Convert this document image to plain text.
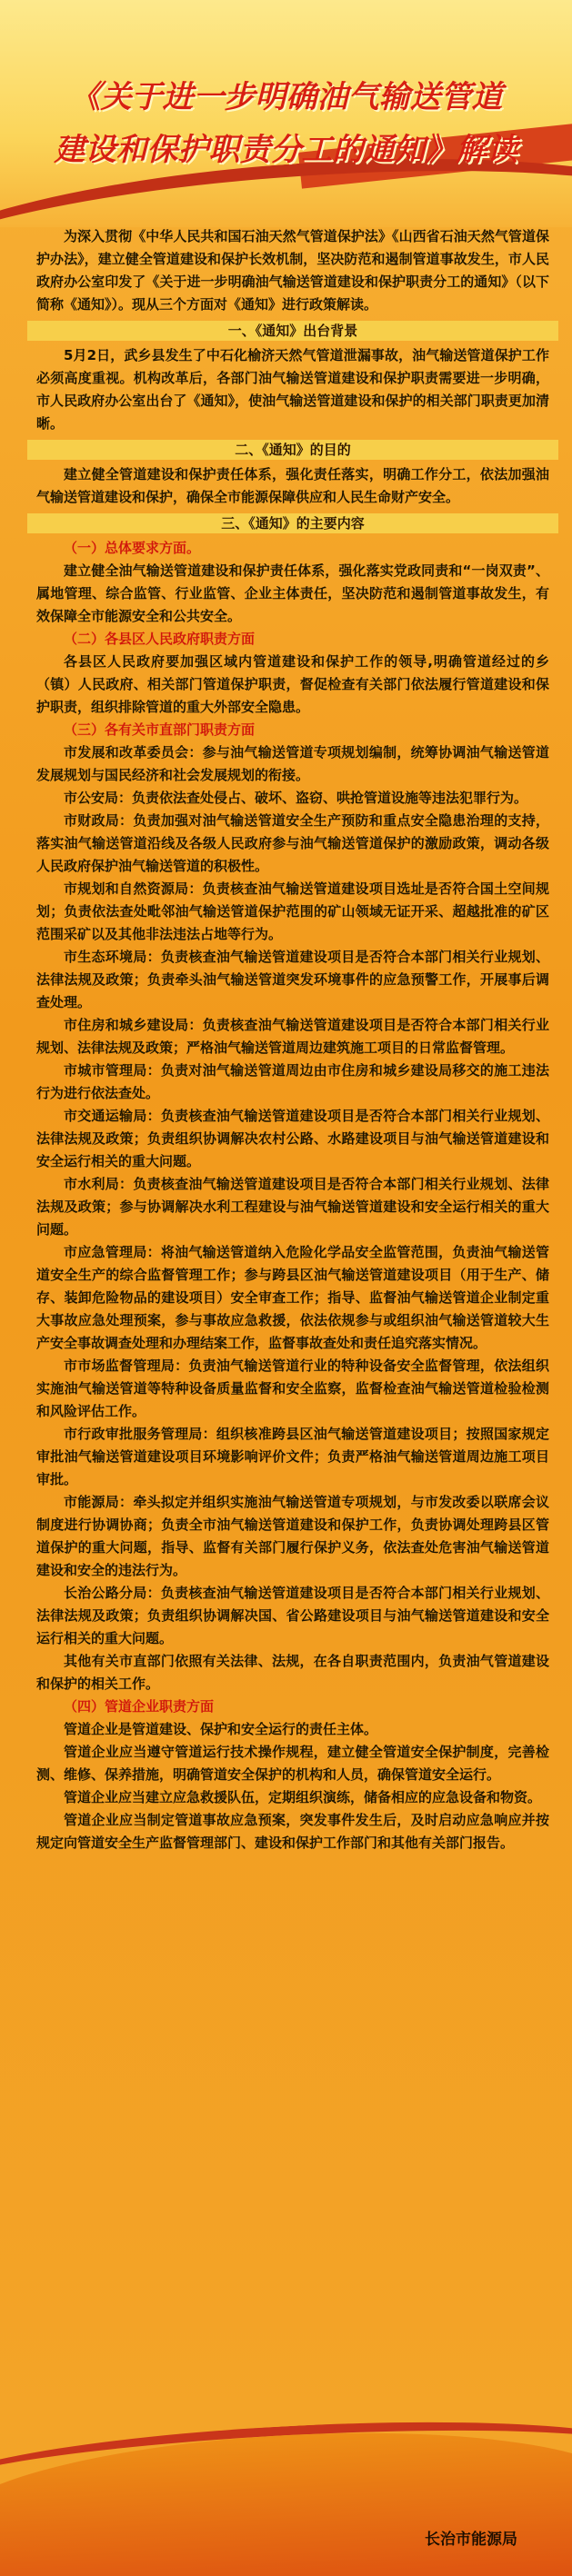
《关于进一步明确油气输送管道
建设和保护职责分工的通知》解读

为深入贯彻《中华人民共和国石油天然气管道保护法》《山西省石油天然气管道保护办法》，建立健全管道建设和保护长效机制，坚决防范和遏制管道事故发生，市人民政府办公室印发了《关于进一步明确油气输送管道建设和保护职责分工的通知》（以下简称《通知》）。现从三个方面对《通知》进行政策解读。

一、《通知》出台背景

5月2日，武乡县发生了中石化榆济天然气管道泄漏事故，油气输送管道保护工作必须高度重视。机构改革后，各部门油气输送管道建设和保护职责需要进一步明确，市人民政府办公室出台了《通知》，使油气输送管道建设和保护的相关部门职责更加清晰。

二、《通知》的目的

建立健全管道建设和保护责任体系，强化责任落实，明确工作分工，依法加强油气输送管道建设和保护，确保全市能源保障供应和人民生命财产安全。

三、《通知》的主要内容

（一）总体要求方面。

建立健全油气输送管道建设和保护责任体系，强化落实党政同责和“一岗双责”、属地管理、综合监管、行业监管、企业主体责任，坚决防范和遏制管道事故发生，有效保障全市能源安全和公共安全。

（二）各县区人民政府职责方面

各县区人民政府要加强区域内管道建设和保护工作的领导,明确管道经过的乡（镇）人民政府、相关部门管道保护职责，督促检查有关部门依法履行管道建设和保护职责，组织排除管道的重大外部安全隐患。

（三）各有关市直部门职责方面

市发展和改革委员会：参与油气输送管道专项规划编制，统筹协调油气输送管道发展规划与国民经济和社会发展规划的衔接。

市公安局：负责依法查处侵占、破坏、盗窃、哄抢管道设施等违法犯罪行为。

市财政局：负责加强对油气输送管道安全生产预防和重点安全隐患治理的支持，落实油气输送管道沿线及各级人民政府参与油气输送管道保护的激励政策，调动各级人民政府保护油气输送管道的积极性。

市规划和自然资源局：负责核查油气输送管道建设项目选址是否符合国土空间规划；负责依法查处毗邻油气输送管道保护范围的矿山领域无证开采、超越批准的矿区范围采矿以及其他非法违法占地等行为。

市生态环境局：负责核查油气输送管道建设项目是否符合本部门相关行业规划、法律法规及政策；负责牵头油气输送管道突发环境事件的应急预警工作，开展事后调查处理。

市住房和城乡建设局：负责核查油气输送管道建设项目是否符合本部门相关行业规划、法律法规及政策；严格油气输送管道周边建筑施工项目的日常监督管理。

市城市管理局：负责对油气输送管道周边由市住房和城乡建设局移交的施工违法行为进行依法查处。

市交通运输局：负责核查油气输送管道建设项目是否符合本部门相关行业规划、法律法规及政策；负责组织协调解决农村公路、水路建设项目与油气输送管道建设和安全运行相关的重大问题。

市水利局：负责核查油气输送管道建设项目是否符合本部门相关行业规划、法律法规及政策；参与协调解决水利工程建设与油气输送管道建设和安全运行相关的重大问题。

市应急管理局：将油气输送管道纳入危险化学品安全监管范围，负责油气输送管道安全生产的综合监督管理工作；参与跨县区油气输送管道建设项目（用于生产、储存、装卸危险物品的建设项目）安全审查工作；指导、监督油气输送管道企业制定重大事故应急处理预案，参与事故应急救援，依法依规参与或组织油气输送管道较大生产安全事故调查处理和办理结案工作，监督事故查处和责任追究落实情况。

市市场监督管理局：负责油气输送管道行业的特种设备安全监督管理，依法组织实施油气输送管道等特种设备质量监督和安全监察，监督检查油气输送管道检验检测和风险评估工作。

市行政审批服务管理局：组织核准跨县区油气输送管道建设项目；按照国家规定审批油气输送管道建设项目环境影响评价文件；负责严格油气输送管道周边施工项目审批。

市能源局：牵头拟定并组织实施油气输送管道专项规划，与市发改委以联席会议制度进行协调协商；负责全市油气输送管道建设和保护工作，负责协调处理跨县区管道保护的重大问题，指导、监督有关部门履行保护义务，依法查处危害油气输送管道建设和安全的违法行为。

长治公路分局：负责核查油气输送管道建设项目是否符合本部门相关行业规划、法律法规及政策；负责组织协调解决国、省公路建设项目与油气输送管道建设和安全运行相关的重大问题。

其他有关市直部门依照有关法律、法规，在各自职责范围内，负责油气管道建设和保护的相关工作。

（四）管道企业职责方面

管道企业是管道建设、保护和安全运行的责任主体。

管道企业应当遵守管道运行技术操作规程，建立健全管道安全保护制度，完善检测、维修、保养措施，明确管道安全保护的机构和人员，确保管道安全运行。

管道企业应当建立应急救援队伍，定期组织演练，储备相应的应急设备和物资。

管道企业应当制定管道事故应急预案，突发事件发生后，及时启动应急响应并按规定向管道安全生产监督管理部门、建设和保护工作部门和其他有关部门报告。

长治市能源局
